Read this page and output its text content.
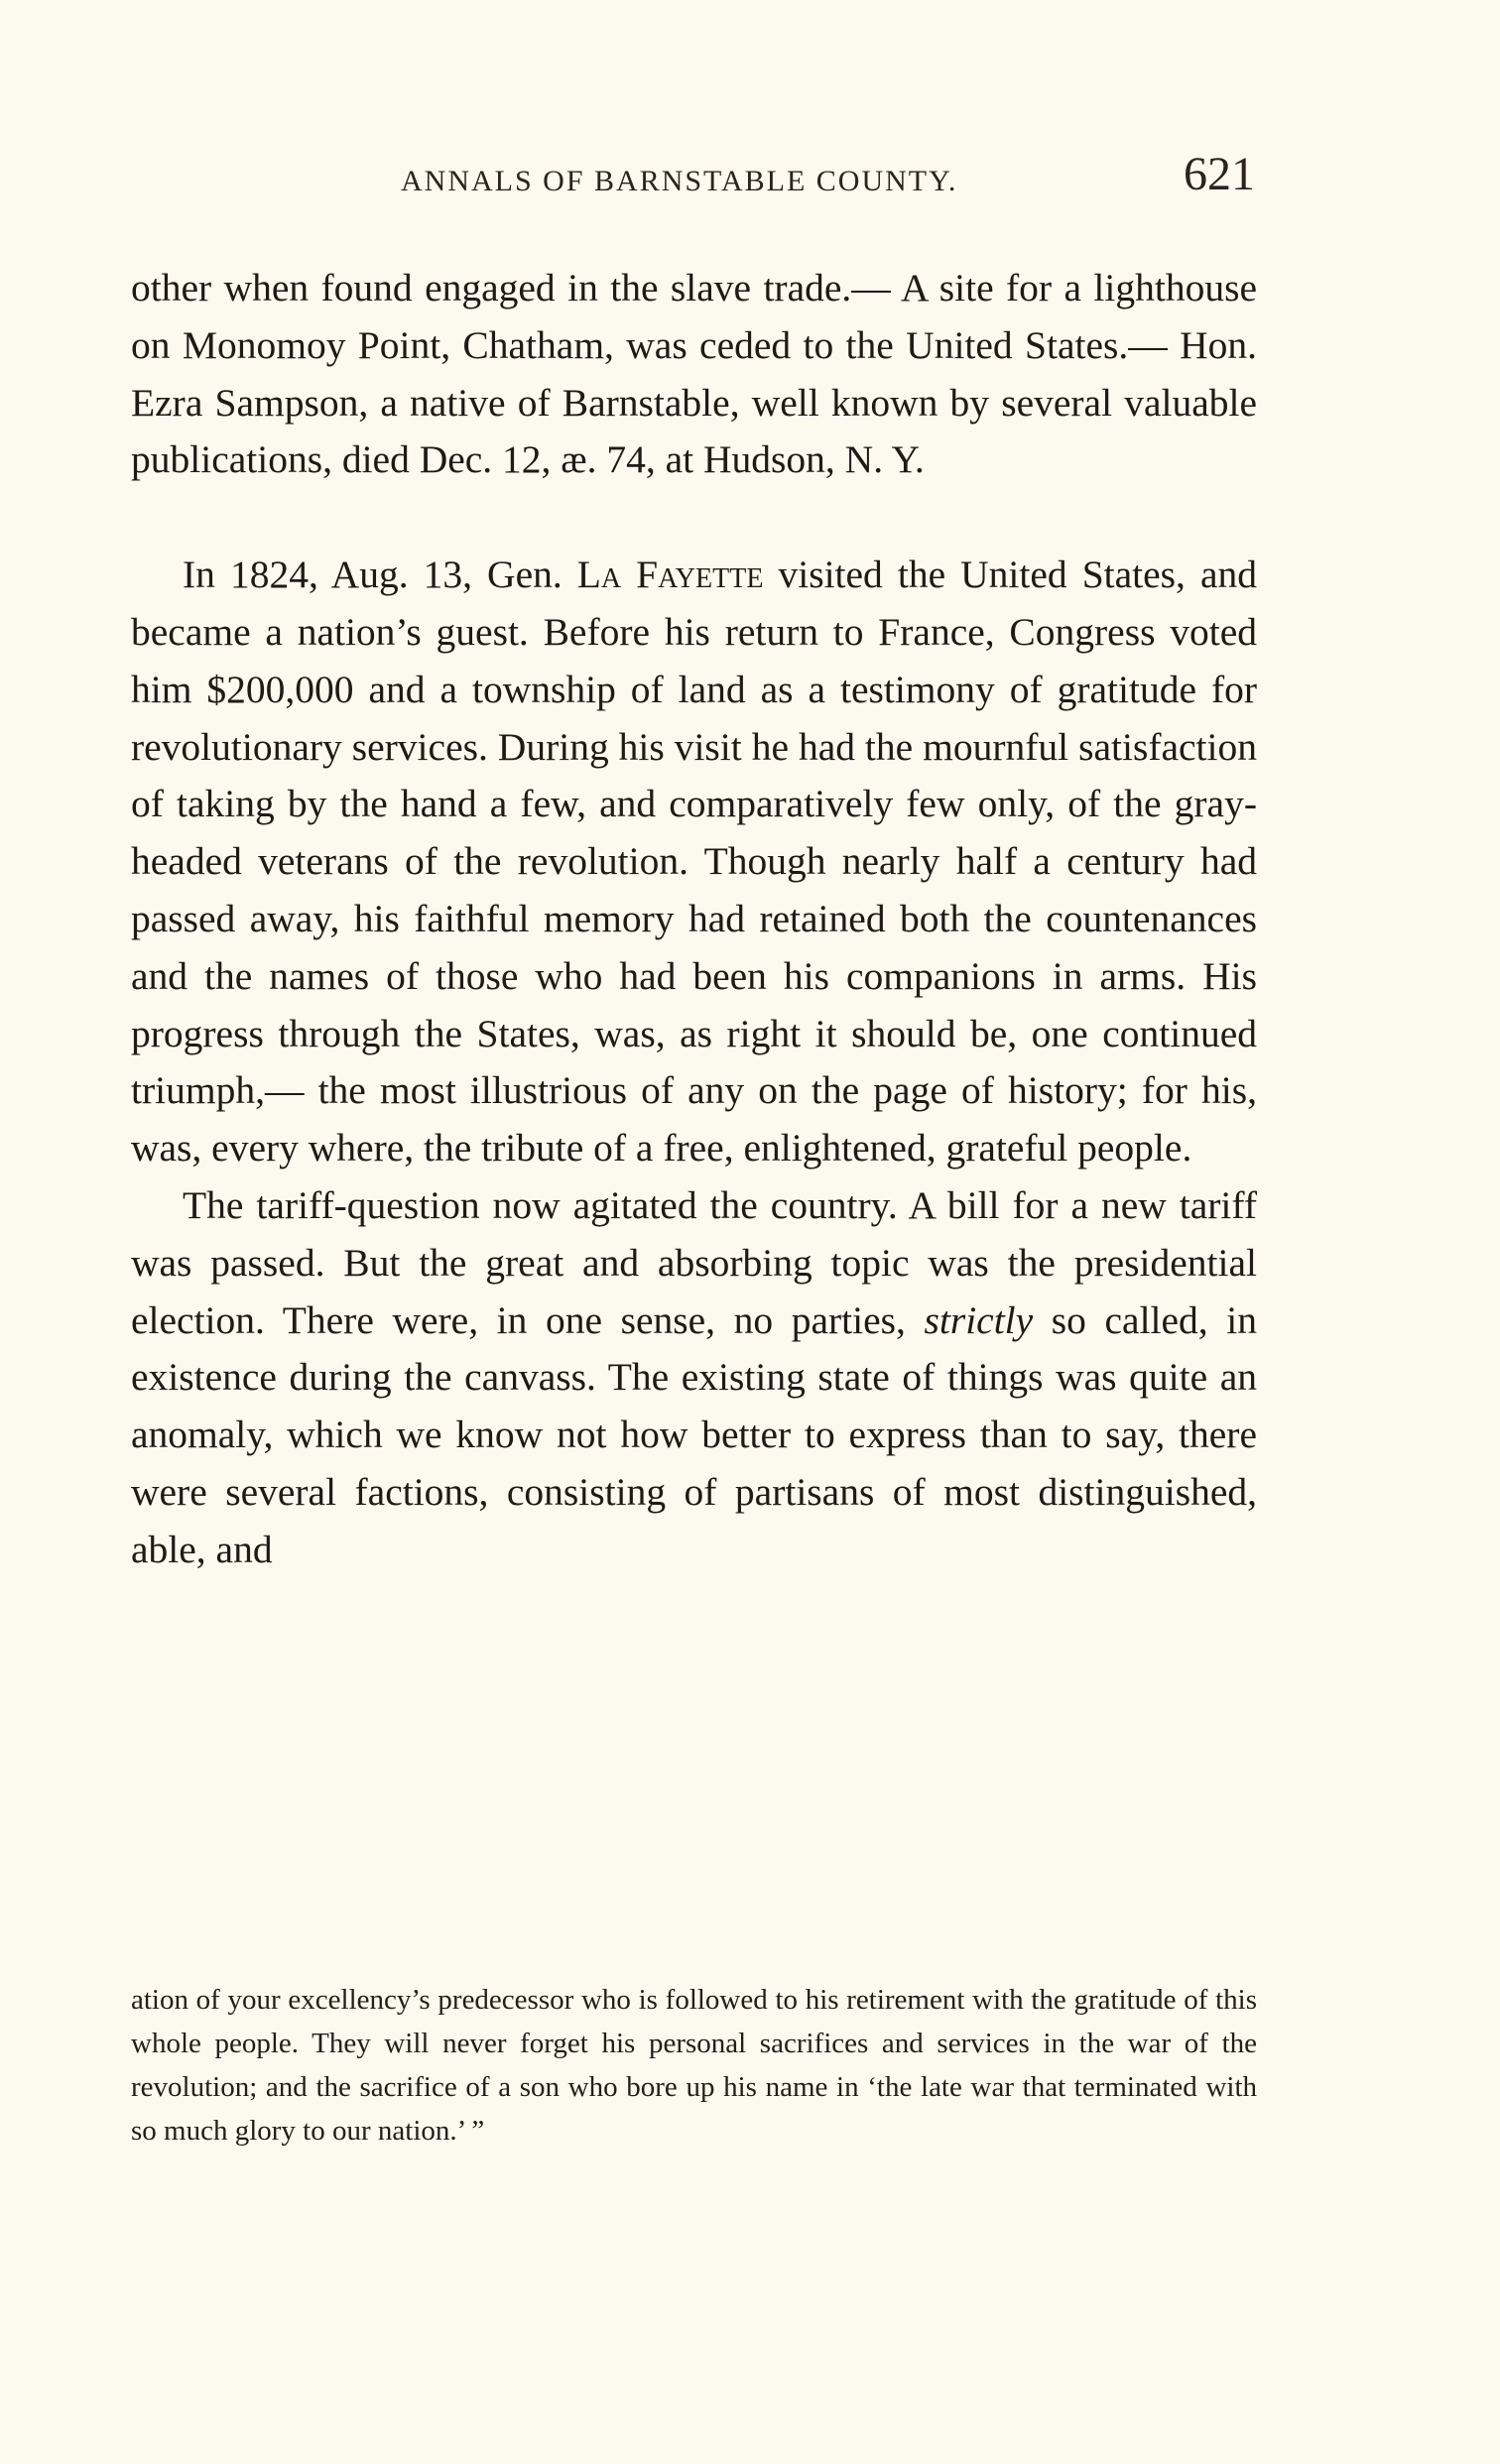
ANNALS OF BARNSTABLE COUNTY.	621

other when found engaged in the slave trade.— A site for a lighthouse on Monomoy Point, Chatham, was ceded to the United States.— Hon. Ezra Sampson, a native of Barnstable, well known by several valuable publications, died Dec. 12, æ. 74, at Hudson, N. Y.

In 1824, Aug. 13, Gen. La Fayette visited the United States, and became a nation’s guest. Before his return to France, Congress voted him $200,000 and a township of land as a testimony of gratitude for revolutionary services. During his visit he had the mournful satisfaction of taking by the hand a few, and comparatively few only, of the gray-headed veterans of the revolution. Though nearly half a century had passed away, his faithful memory had retained both the countenances and the names of those who had been his companions in arms. His progress through the States, was, as right it should be, one continued triumph,— the most illustrious of any on the page of history; for his, was, every where, the tribute of a free, enlightened, grateful people.

The tariff-question now agitated the country. A bill for a new tariff was passed. But the great and absorbing topic was the presidential election. There were, in one sense, no parties, strictly so called, in existence during the canvass. The existing state of things was quite an anomaly, which we know not how better to express than to say, there were several factions, consisting of partisans of most distinguished, able, and

ation of your excellency’s predecessor who is followed to his retirement with the gratitude of this whole people. They will never forget his personal sacrifices and services in the war of the revolution; and the sacrifice of a son who bore up his name in ‘the late war that terminated with so much glory to our nation.’ ”
